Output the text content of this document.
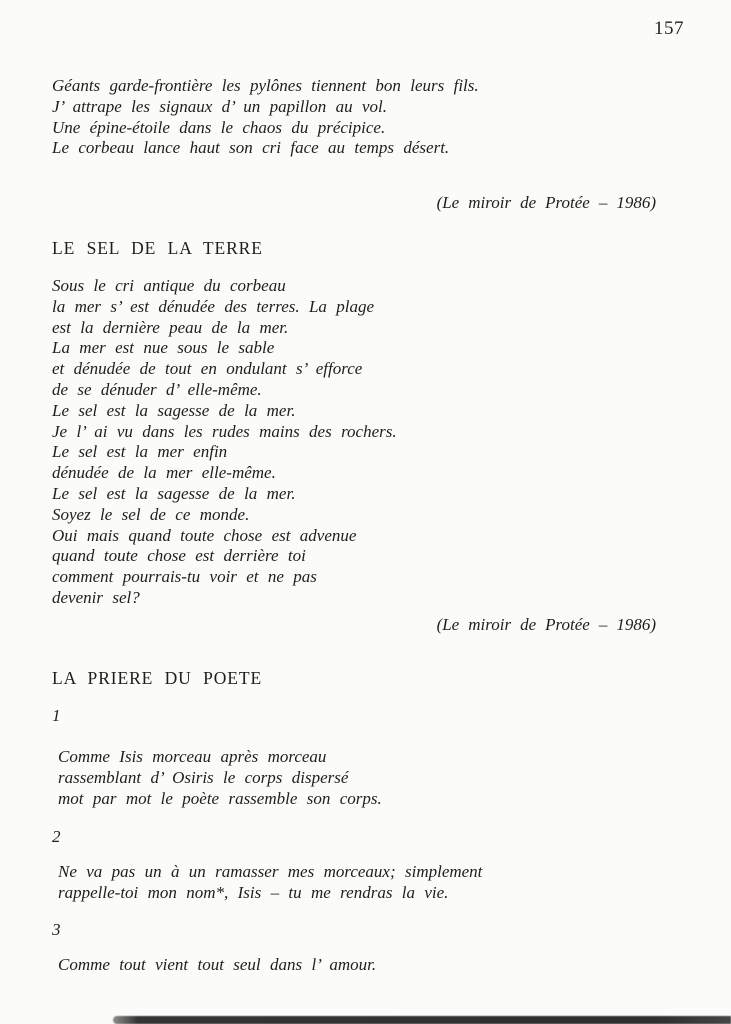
157
Géants garde-frontière les pylônes tiennent bon leurs fils.
J’ attrape les signaux d’ un papillon au vol.
Une épine-étoile dans le chaos du précipice.
Le corbeau lance haut son cri face au temps désert.
(Le miroir de Protée – 1986)
LE SEL DE LA TERRE
Sous le cri antique du corbeau
la mer s’ est dénudée des terres. La plage
est la dernière peau de la mer.
La mer est nue sous le sable
et dénudée de tout en ondulant s’ efforce
de se dénuder d’ elle-même.
Le sel est la sagesse de la mer.
Je l’ ai vu dans les rudes mains des rochers.
Le sel est la mer enfin
dénudée de la mer elle-même.
Le sel est la sagesse de la mer.
Soyez le sel de ce monde.
Oui mais quand toute chose est advenue
quand toute chose est derrière toi
comment pourrais-tu voir et ne pas
devenir sel?
(Le miroir de Protée – 1986)
LA PRIERE DU POETE
1
Comme Isis morceau après morceau
rassemblant d’ Osiris le corps dispersé
mot par mot le poète rassemble son corps.
2
Ne va pas un à un ramasser mes morceaux; simplement
rappelle-toi mon nom*, Isis – tu me rendras la vie.
3
Comme tout vient tout seul dans l’ amour.
